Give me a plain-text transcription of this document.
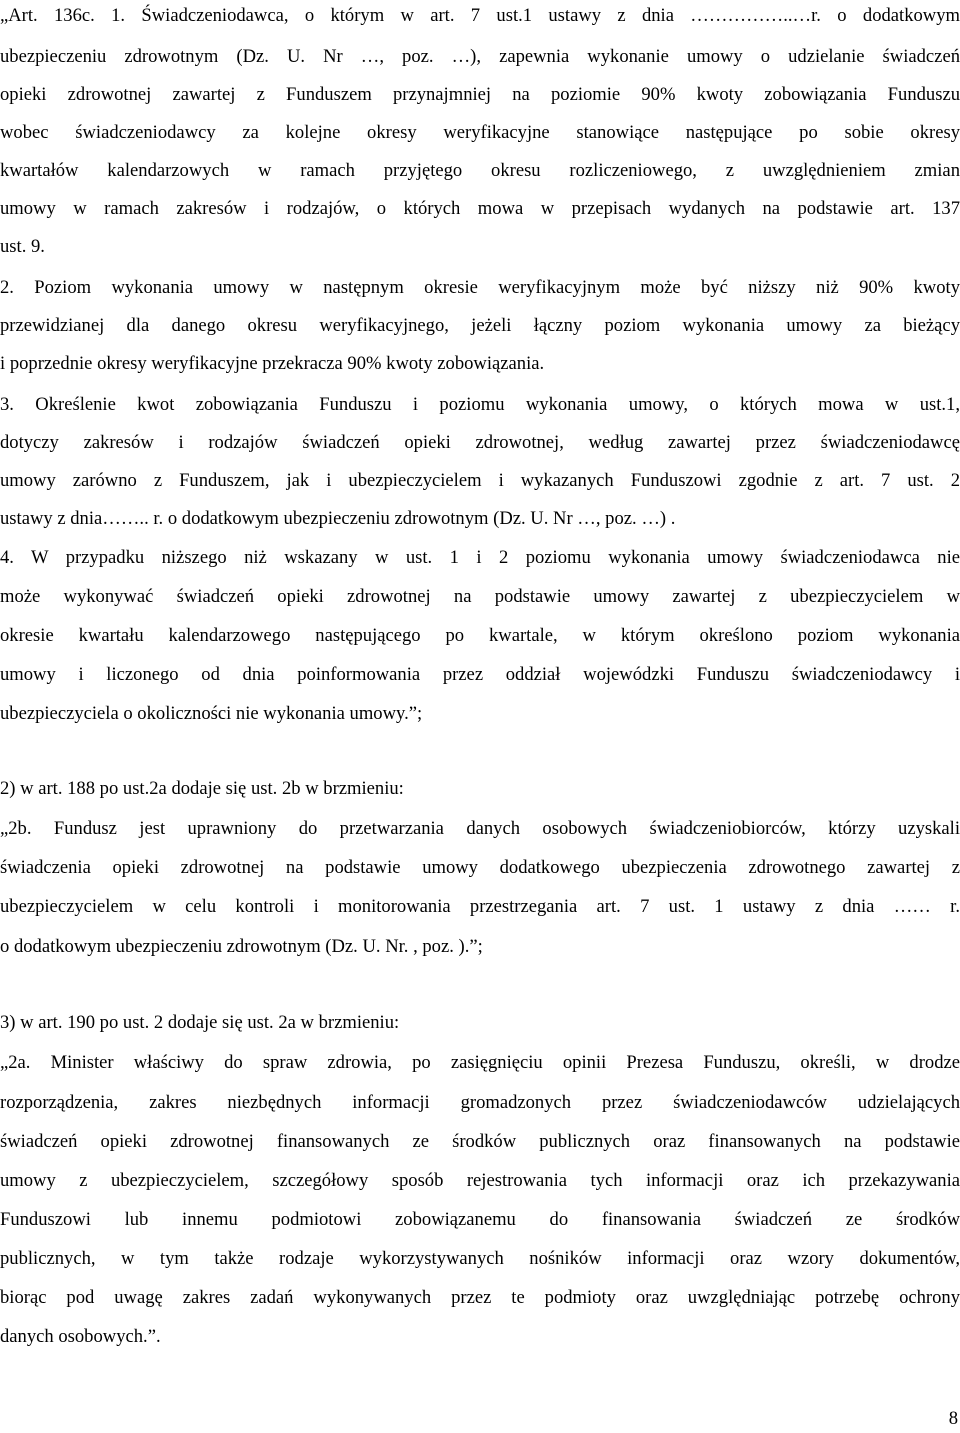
„Art. 136c. 1. Świadczeniodawca, o którym w art. 7 ust.1 ustawy z dnia ……………..…r. o dodatkowym
ubezpieczeniu zdrowotnym (Dz. U. Nr …, poz. …), zapewnia wykonanie umowy o udzielanie świadczeń
opieki zdrowotnej zawartej z Funduszem przynajmniej na poziomie 90% kwoty zobowiązania Funduszu
wobec świadczeniodawcy za kolejne okresy weryfikacyjne stanowiące następujące po sobie okresy
kwartałów kalendarzowych w ramach przyjętego okresu rozliczeniowego, z uwzględnieniem zmian
umowy w ramach zakresów i rodzajów, o których mowa w przepisach wydanych na podstawie art. 137
ust. 9.
2. Poziom wykonania umowy w następnym okresie weryfikacyjnym może być niższy niż 90% kwoty
przewidzianej dla danego okresu weryfikacyjnego, jeżeli łączny poziom wykonania umowy za bieżący
i poprzednie okresy weryfikacyjne przekracza 90% kwoty zobowiązania.
3. Określenie kwot zobowiązania Funduszu i poziomu wykonania umowy, o których mowa w ust.1,
dotyczy zakresów i rodzajów świadczeń opieki zdrowotnej, według zawartej przez świadczeniodawcę
umowy zarówno z Funduszem, jak i ubezpieczycielem i wykazanych Funduszowi zgodnie z art. 7 ust. 2
ustawy z dnia…….. r. o dodatkowym ubezpieczeniu zdrowotnym (Dz. U. Nr …, poz. …) .
4. W przypadku niższego niż wskazany w ust. 1 i 2 poziomu wykonania umowy świadczeniodawca nie
może wykonywać świadczeń opieki zdrowotnej na podstawie umowy zawartej z ubezpieczycielem w
okresie kwartału kalendarzowego następującego po kwartale, w którym określono poziom wykonania
umowy i liczonego od dnia poinformowania przez oddział wojewódzki Funduszu świadczeniodawcy i
ubezpieczyciela o okoliczności nie wykonania umowy.”;
2) w art. 188 po ust.2a dodaje się ust. 2b w brzmieniu:
„2b. Fundusz jest uprawniony do przetwarzania danych osobowych świadczeniobiorców, którzy uzyskali
świadczenia opieki zdrowotnej na podstawie umowy dodatkowego ubezpieczenia zdrowotnego zawartej z
ubezpieczycielem w celu kontroli i monitorowania przestrzegania art. 7 ust. 1 ustawy z dnia …… r.
o dodatkowym ubezpieczeniu zdrowotnym (Dz. U. Nr. , poz. ).”;
3) w art. 190 po ust. 2 dodaje się ust. 2a w brzmieniu:
„2a. Minister właściwy do spraw zdrowia, po zasięgnięciu opinii Prezesa Funduszu, określi, w drodze
rozporządzenia, zakres niezbędnych informacji gromadzonych przez świadczeniodawców udzielających
świadczeń opieki zdrowotnej finansowanych ze środków publicznych oraz finansowanych na podstawie
umowy z ubezpieczycielem, szczegółowy sposób rejestrowania tych informacji oraz ich przekazywania
Funduszowi lub innemu podmiotowi zobowiązanemu do finansowania świadczeń ze środków
publicznych, w tym także rodzaje wykorzystywanych nośników informacji oraz wzory dokumentów,
biorąc pod uwagę zakres zadań wykonywanych przez te podmioty oraz uwzględniając potrzebę ochrony
danych osobowych.”.
8
